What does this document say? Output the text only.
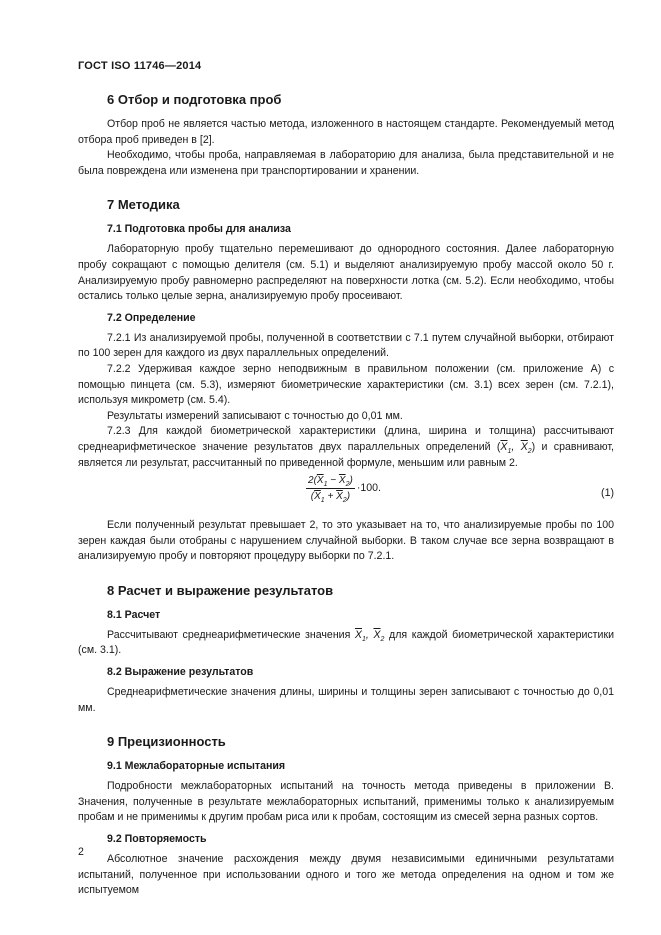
ГОСТ ISO 11746—2014
6 Отбор и подготовка проб

Отбор проб не является частью метода, изложенного в настоящем стандарте. Рекомендуемый метод отбора проб приведен в [2].

Необходимо, чтобы проба, направляемая в лабораторию для анализа, была представительной и не была повреждена или изменена при транспортировании и хранении.

7 Методика
7.1 Подготовка пробы для анализа

Лабораторную пробу тщательно перемешивают до однородного состояния. Далее лабораторную пробу сокращают с помощью делителя (см. 5.1) и выделяют анализируемую пробу массой около 50 г. Анализируемую пробу равномерно распределяют на поверхности лотка (см. 5.2). Если необходимо, чтобы остались только целые зерна, анализируемую пробу просеивают.

7.2 Определение

7.2.1 Из анализируемой пробы, полученной в соответствии с 7.1 путем случайной выборки, отбирают по 100 зерен для каждого из двух параллельных определений.

7.2.2 Удерживая каждое зерно неподвижным в правильном положении (см. приложение А) с помощью пинцета (см. 5.3), измеряют биометрические характеристики (см. 3.1) всех зерен (см. 7.2.1), используя микрометр (см. 5.4).

Результаты измерений записывают с точностью до 0,01 мм.

7.2.3 Для каждой биометрической характеристики (длина, ширина и толщина) рассчитывают среднеарифметическое значение результатов двух параллельных определений ($\overline{X}_1$, $\overline{X}_2$) и сравнивают, является ли результат, рассчитанный по приведенной формуле, меньшим или равным 2.

$\frac{2(\overline{X}_1 - \overline{X}_2)}{(\overline{X}_1 + \overline{X}_2)} \cdot 100$.	(1)

Если полученный результат превышает 2, то это указывает на то, что анализируемые пробы по 100 зерен каждая были отобраны с нарушением случайной выборки. В таком случае все зерна возвращают в анализируемую пробу и повторяют процедуру выборки по 7.2.1.

8 Расчет и выражение результатов
8.1 Расчет

Рассчитывают среднеарифметические значения $\overline{X}_1$, $\overline{X}_2$ для каждой биометрической характеристики (см. 3.1).

8.2 Выражение результатов

Среднеарифметические значения длины, ширины и толщины зерен записывают с точностью до 0,01 мм.

9 Прецизионность
9.1 Межлабораторные испытания

Подробности межлабораторных испытаний на точность метода приведены в приложении В. Значения, полученные в результате межлабораторных испытаний, применимы только к анализируемым пробам и не применимы к другим пробам риса или к пробам, состоящим из смесей зерна разных сортов.

9.2 Повторяемость

Абсолютное значение расхождения между двумя независимыми единичными результатами испытаний, полученное при использовании одного и того же метода определения на одном и том же испытуемом

2
